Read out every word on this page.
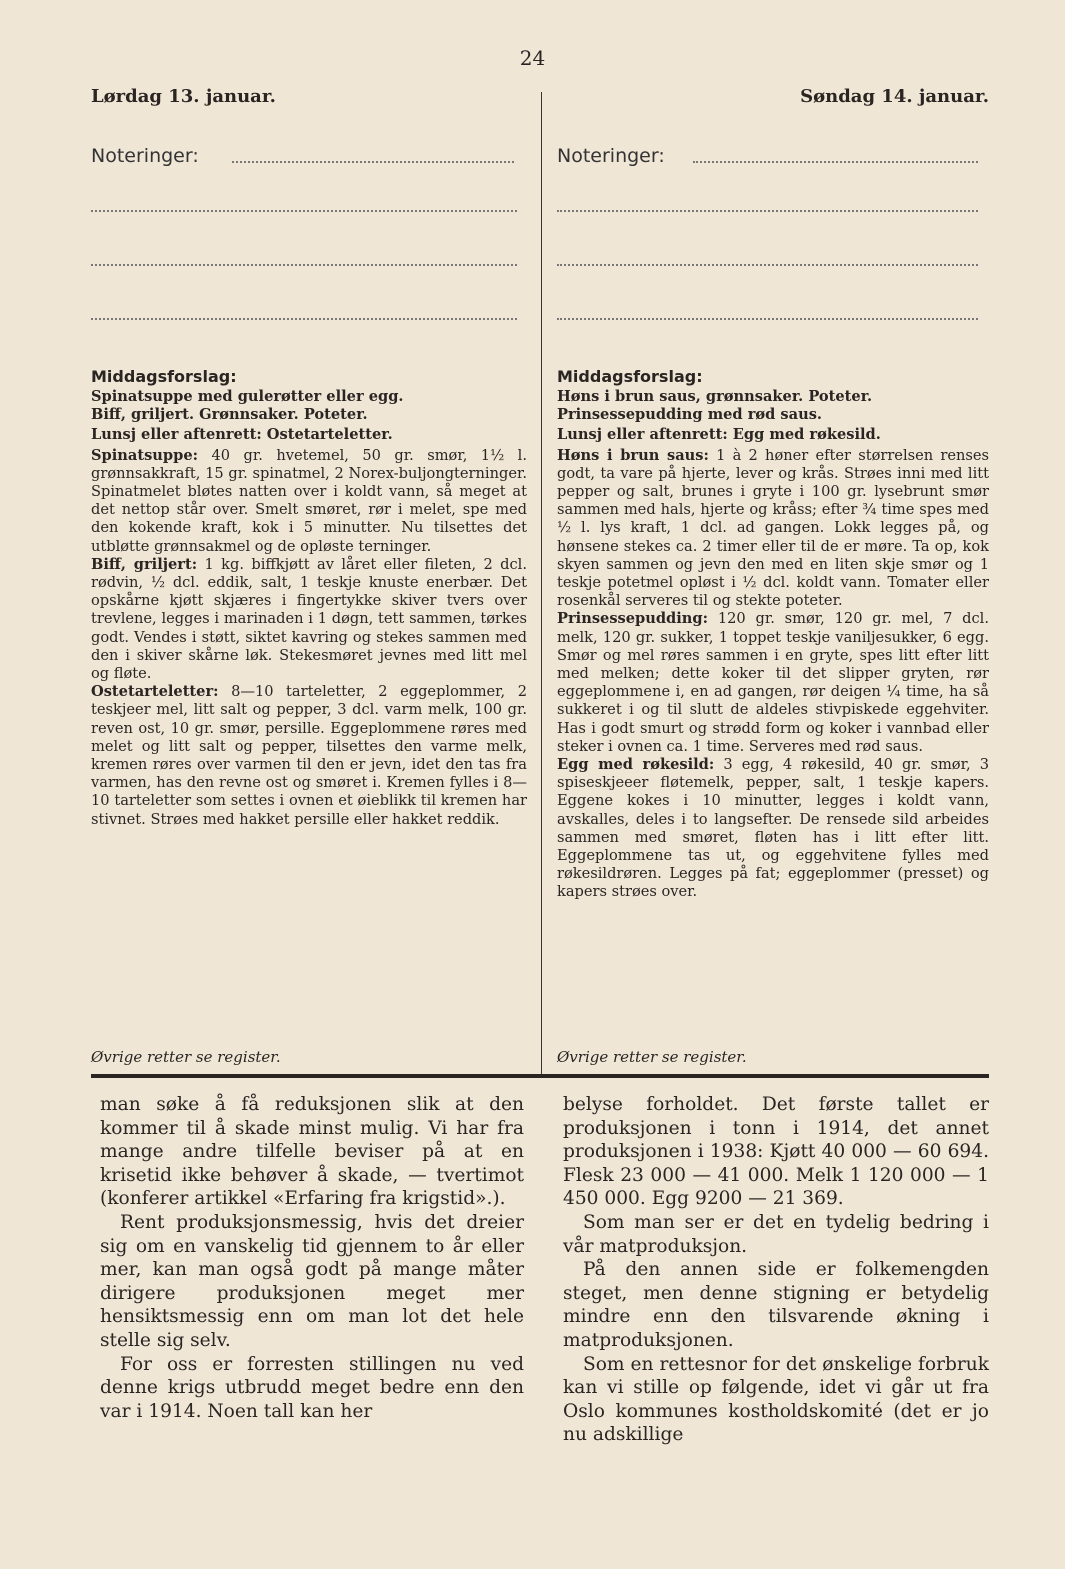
24
Lørdag 13. januar.	Søndag 14. januar.
Noteringer:	Noteringer:
Middagsforslag:

Spinatsuppe med gulerøtter eller egg.

Biff, griljert. Grønnsaker. Poteter.

Lunsj eller aftenrett: Ostetarteletter.

Spinatsuppe: 40 gr. hvetemel, 50 gr. smør, 1½ l. grønnsakkraft, 15 gr. spinatmel, 2 Norex-buljongterninger. Spinatmelet bløtes natten over i koldt vann, så meget at det nettop står over. Smelt smøret, rør i melet, spe med den kokende kraft, kok i 5 minutter. Nu tilsettes det utbløtte grønnsakmel og de opløste terninger.

Biff, griljert: 1 kg. biffkjøtt av låret eller fileten, 2 dcl. rødvin, ½ dcl. eddik, salt, 1 teskje knuste enerbær. Det opskårne kjøtt skjæres i fingertykke skiver tvers over trevlene, legges i marinaden i 1 døgn, tett sammen, tørkes godt. Vendes i støtt, siktet kavring og stekes sammen med den i skiver skårne løk. Stekesmøret jevnes med litt mel og fløte.

Ostetarteletter: 8—10 tarteletter, 2 eggeplommer, 2 teskjeer mel, litt salt og pepper, 3 dcl. varm melk, 100 gr. reven ost, 10 gr. smør, persille. Eggeplommene røres med melet og litt salt og pepper, tilsettes den varme melk, kremen røres over varmen til den er jevn, idet den tas fra varmen, has den revne ost og smøret i. Kremen fylles i 8—10 tarteletter som settes i ovnen et øieblikk til kremen har stivnet. Strøes med hakket persille eller hakket reddik.

Øvrige retter se register.
Middagsforslag:

Høns i brun saus, grønnsaker. Poteter.

Prinsessepudding med rød saus.

Lunsj eller aftenrett: Egg med røkesild.

Høns i brun saus: 1 à 2 høner efter størrelsen renses godt, ta vare på hjerte, lever og krås. Strøes inni med litt pepper og salt, brunes i gryte i 100 gr. lysebrunt smør sammen med hals, hjerte og kråss; efter ¾ time spes med ½ l. lys kraft, 1 dcl. ad gangen. Lokk legges på, og hønsene stekes ca. 2 timer eller til de er møre. Ta op, kok skyen sammen og jevn den med en liten skje smør og 1 teskje potetmel opløst i ½ dcl. koldt vann. Tomater eller rosenkål serveres til og stekte poteter.

Prinsessepudding: 120 gr. smør, 120 gr. mel, 7 dcl. melk, 120 gr. sukker, 1 toppet teskje vaniljesukker, 6 egg. Smør og mel røres sammen i en gryte, spes litt efter litt med melken; dette koker til det slipper gryten, rør eggeplommene i, en ad gangen, rør deigen ¼ time, ha så sukkeret i og til slutt de aldeles stivpiskede eggehviter. Has i godt smurt og strødd form og koker i vannbad eller steker i ovnen ca. 1 time. Serveres med rød saus.

Egg med røkesild: 3 egg, 4 røkesild, 40 gr. smør, 3 spiseskjeeer fløtemelk, pepper, salt, 1 teskje kapers. Eggene kokes i 10 minutter, legges i koldt vann, avskalles, deles i to langsefter. De rensede sild arbeides sammen med smøret, fløten has i litt efter litt. Eggeplommene tas ut, og eggehvitene fylles med røkesildrøren. Legges på fat; eggeplommer (presset) og kapers strøes over.

Øvrige retter se register.

man søke å få reduksjonen slik at den kommer til å skade minst mulig. Vi har fra mange andre tilfelle beviser på at en krisetid ikke behøver å skade, — tvertimot (konferer artikkel «Erfaring fra krigstid».).

Rent produksjonsmessig, hvis det dreier sig om en vanskelig tid gjennem to år eller mer, kan man også godt på mange måter dirigere produksjonen meget mer hensiktsmessig enn om man lot det hele stelle sig selv.

For oss er forresten stillingen nu ved denne krigs utbrudd meget bedre enn den var i 1914. Noen tall kan her

belyse forholdet. Det første tallet er produksjonen i tonn i 1914, det annet produksjonen i 1938: Kjøtt 40 000 — 60 694. Flesk 23 000 — 41 000. Melk 1 120 000 — 1 450 000. Egg 9200 — 21 369.

Som man ser er det en tydelig bedring i vår matproduksjon.

På den annen side er folkemengden steget, men denne stigning er betydelig mindre enn den tilsvarende økning i matproduksjonen.

Som en rettesnor for det ønskelige forbruk kan vi stille op følgende, idet vi går ut fra Oslo kommunes kostholdskomité (det er jo nu adskillige
